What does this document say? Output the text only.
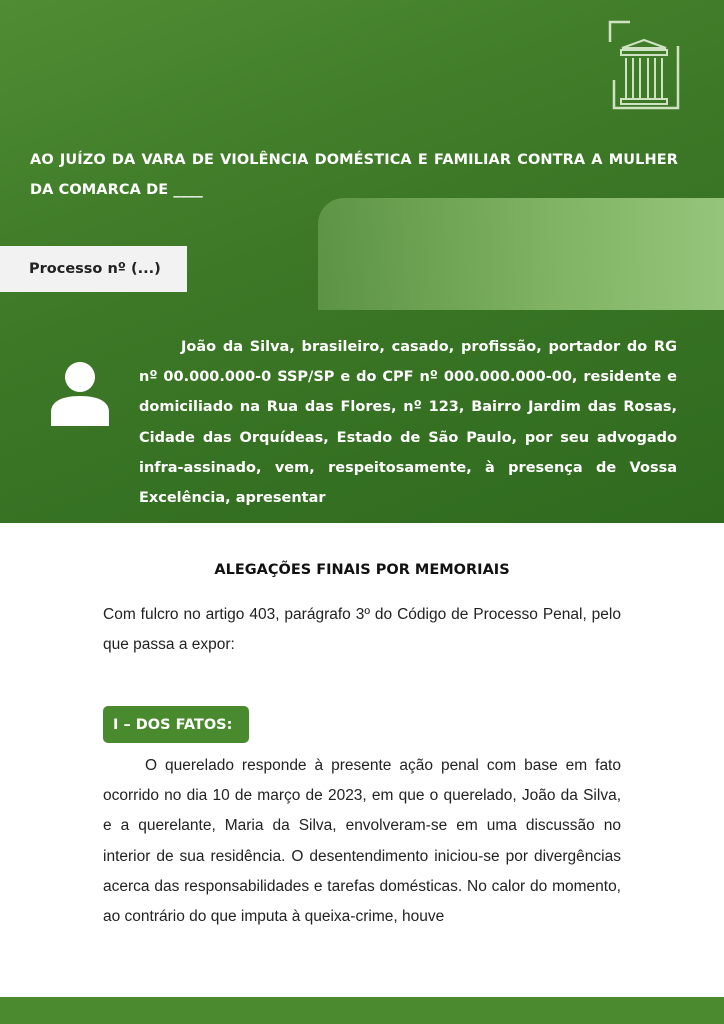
AO JUÍZO DA VARA DE VIOLÊNCIA DOMÉSTICA E FAMILIAR CONTRA A MULHER
DA COMARCA DE ____
Processo nº (...)

João da Silva, brasileiro, casado, profissão, portador do RG nº 00.000.000-0 SSP/SP e do CPF nº 000.000.000-00, residente e domiciliado na Rua das Flores, nº 123, Bairro Jardim das Rosas, Cidade das Orquídeas, Estado de São Paulo, por seu advogado infra-assinado, vem, respeitosamente, à presença de Vossa Excelência, apresentar

ALEGAÇÕES FINAIS POR MEMORIAIS

Com fulcro no artigo 403, parágrafo 3º do Código de Processo Penal, pelo que passa a expor:

I – DOS FATOS:

O querelado responde à presente ação penal com base em fato ocorrido no dia 10 de março de 2023, em que o querelado, João da Silva, e a querelante, Maria da Silva, envolveram-se em uma discussão no interior de sua residência. O desentendimento iniciou-se por divergências acerca das responsabilidades e tarefas domésticas. No calor do momento, ao contrário do que imputa à queixa-crime, houve
